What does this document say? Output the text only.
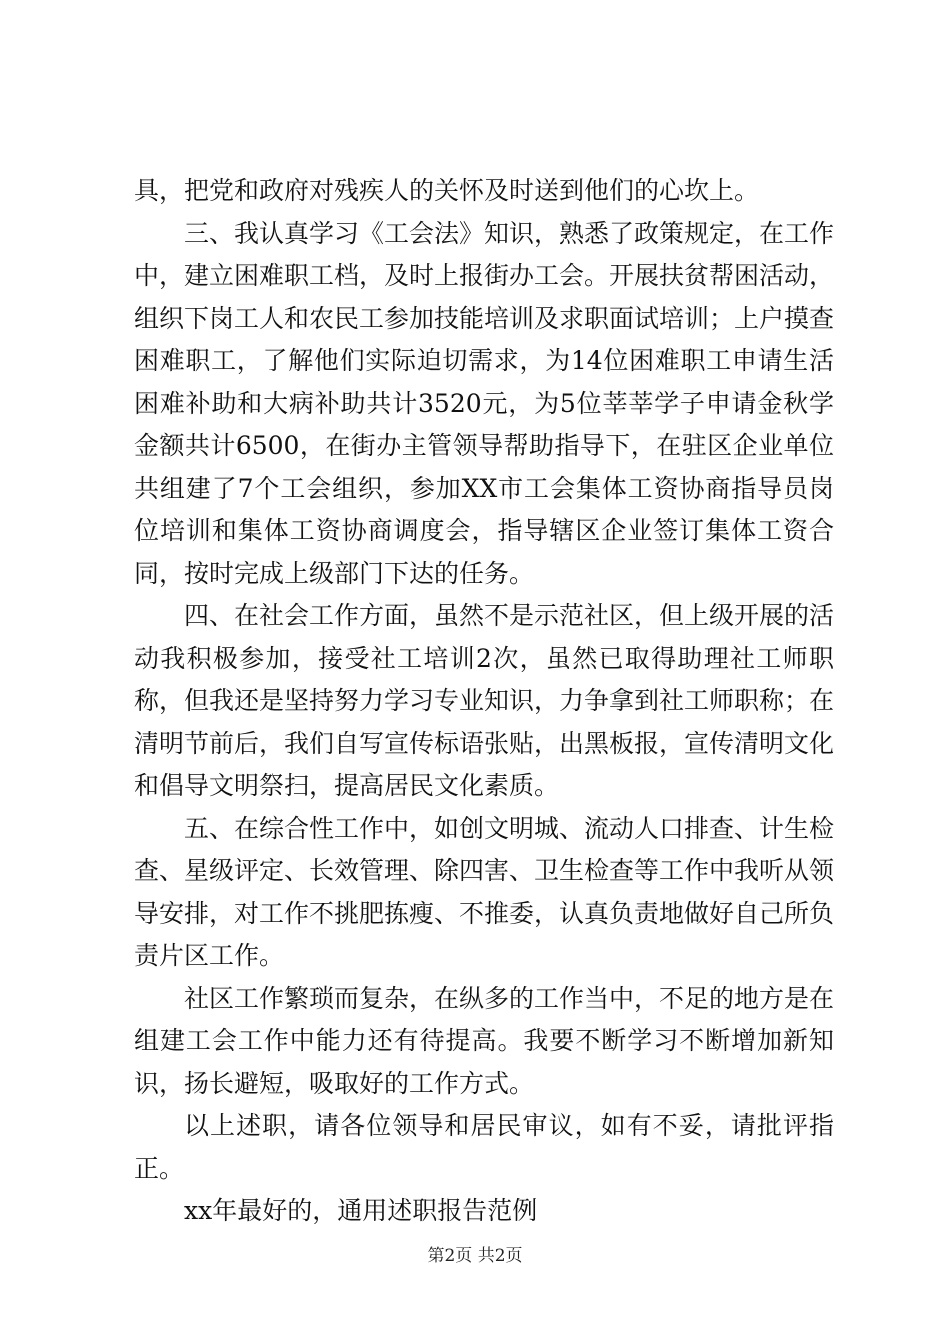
具，把党和政府对残疾人的关怀及时送到他们的心坎上。

三、我认真学习《工会法》知识，熟悉了政策规定，在工作中，建立困难职工档，及时上报街办工会。开展扶贫帮困活动，组织下岗工人和农民工参加技能培训及求职面试培训；上户摸查困难职工，了解他们实际迫切需求，为14位困难职工申请生活困难补助和大病补助共计3520元，为5位莘莘学子申请金秋学金额共计6500，在街办主管领导帮助指导下，在驻区企业单位共组建了7个工会组织，参加XX市工会集体工资协商指导员岗位培训和集体工资协商调度会，指导辖区企业签订集体工资合同，按时完成上级部门下达的任务。

四、在社会工作方面，虽然不是示范社区，但上级开展的活动我积极参加，接受社工培训2次，虽然已取得助理社工师职称，但我还是坚持努力学习专业知识，力争拿到社工师职称；在清明节前后，我们自写宣传标语张贴，出黑板报，宣传清明文化和倡导文明祭扫，提高居民文化素质。

五、在综合性工作中，如创文明城、流动人口排查、计生检查、星级评定、长效管理、除四害、卫生检查等工作中我听从领导安排，对工作不挑肥拣瘦、不推委，认真负责地做好自己所负责片区工作。

社区工作繁琐而复杂，在纵多的工作当中，不足的地方是在组建工会工作中能力还有待提高。我要不断学习不断增加新知识，扬长避短，吸取好的工作方式。

以上述职，请各位领导和居民审议，如有不妥，请批评指正。

xx年最好的，通用述职报告范例

第2页 共2页
